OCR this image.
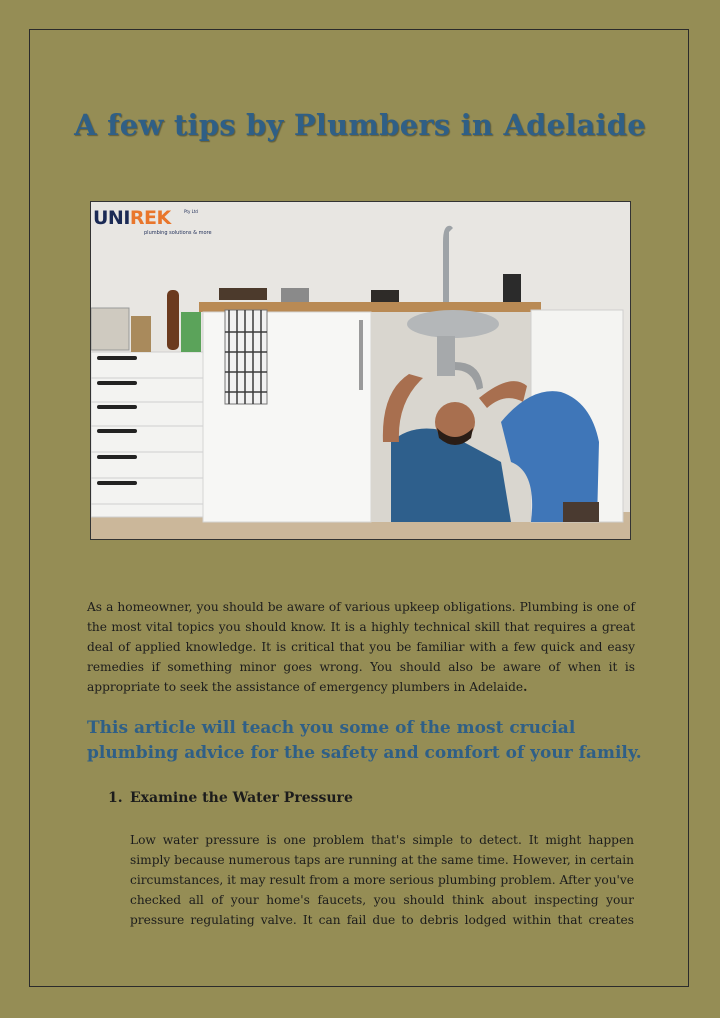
A few tips by Plumbers in Adelaide
UNIREK	Pty Ltd
plumbing solutions & more

As a homeowner, you should be aware of various upkeep obligations. Plumbing is one of the most vital topics you should know. It is a highly technical skill that requires a great deal of applied knowledge. It is critical that you be familiar with a few quick and easy remedies if something minor goes wrong. You should also be aware of when it is appropriate to seek the assistance of emergency plumbers in Adelaide.

This article will teach you some of the most crucial plumbing advice for the safety and comfort of your family.

1. Examine the Water Pressure

Low water pressure is one problem that's simple to detect. It might happen simply because numerous taps are running at the same time. However, in certain circumstances, it may result from a more serious plumbing problem. After you've checked all of your home's faucets, you should think about inspecting your pressure regulating valve. It can fail due to debris lodged within that creates
